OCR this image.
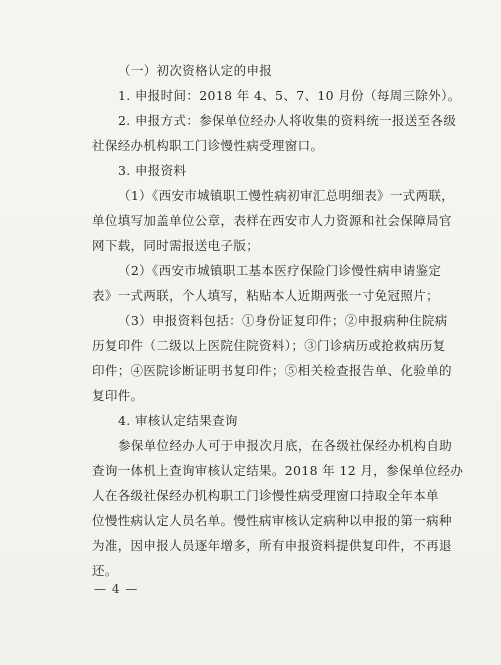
（一）初次资格认定的申报
1. 申报时间：2018 年 4、5、7、10 月份（每周三除外）。
2. 申报方式：参保单位经办人将收集的资料统一报送至各级
社保经办机构职工门诊慢性病受理窗口。
3. 申报资料
（1）《西安市城镇职工慢性病初审汇总明细表》一式两联，
单位填写加盖单位公章，表样在西安市人力资源和社会保障局官
网下载，同时需报送电子版；
（2）《西安市城镇职工基本医疗保险门诊慢性病申请鉴定
表》一式两联，个人填写，粘贴本人近期两张一寸免冠照片；
（3）申报资料包括：①身份证复印件；②申报病种住院病
历复印件（二级以上医院住院资料）；③门诊病历或抢救病历复
印件；④医院诊断证明书复印件；⑤相关检查报告单、化验单的
复印件。
4. 审核认定结果查询
参保单位经办人可于申报次月底，在各级社保经办机构自助
查询一体机上查询审核认定结果。2018 年 12 月，参保单位经办
人在各级社保经办机构职工门诊慢性病受理窗口持取全年本单
位慢性病认定人员名单。慢性病审核认定病种以申报的第一病种
为准，因申报人员逐年增多，所有申报资料提供复印件，不再退
还。
— 4 —
